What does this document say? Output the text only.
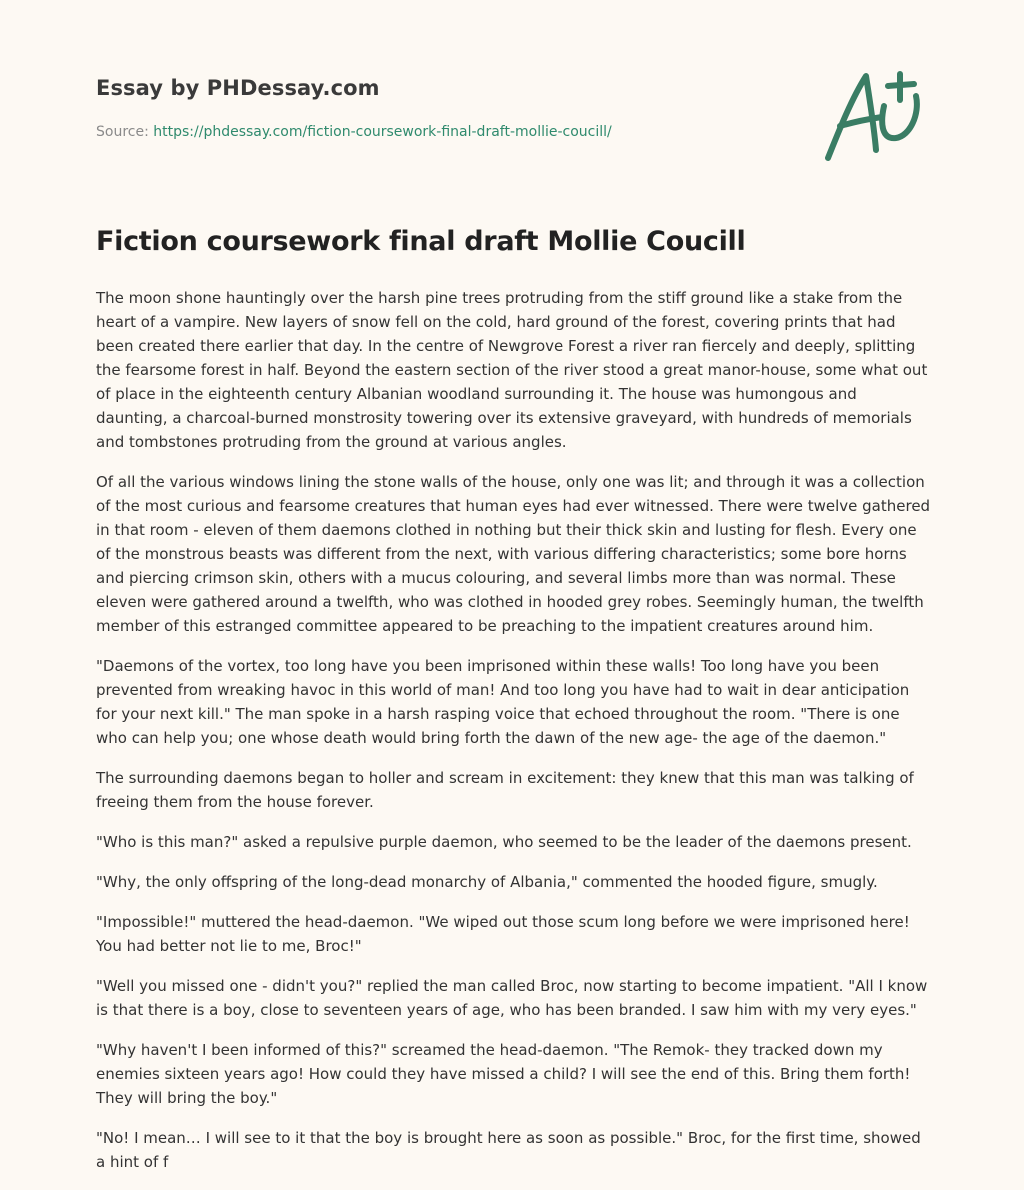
Essay by PHDessay.com
Source: https://phdessay.com/fiction-coursework-final-draft-mollie-coucill/
Fiction coursework final draft Mollie Coucill

The moon shone hauntingly over the harsh pine trees protruding from the stiff ground like a stake from the heart of a vampire. New layers of snow fell on the cold, hard ground of the forest, covering prints that had been created there earlier that day. In the centre of Newgrove Forest a river ran fiercely and deeply, splitting the fearsome forest in half. Beyond the eastern section of the river stood a great manor-house, some what out of place in the eighteenth century Albanian woodland surrounding it. The house was humongous and daunting, a charcoal-burned monstrosity towering over its extensive graveyard, with hundreds of memorials and tombstones protruding from the ground at various angles.

Of all the various windows lining the stone walls of the house, only one was lit; and through it was a collection of the most curious and fearsome creatures that human eyes had ever witnessed. There were twelve gathered in that room - eleven of them daemons clothed in nothing but their thick skin and lusting for flesh. Every one of the monstrous beasts was different from the next, with various differing characteristics; some bore horns and piercing crimson skin, others with a mucus colouring, and several limbs more than was normal. These eleven were gathered around a twelfth, who was clothed in hooded grey robes. Seemingly human, the twelfth member of this estranged committee appeared to be preaching to the impatient creatures around him.

"Daemons of the vortex, too long have you been imprisoned within these walls! Too long have you been prevented from wreaking havoc in this world of man! And too long you have had to wait in dear anticipation for your next kill." The man spoke in a harsh rasping voice that echoed throughout the room. "There is one who can help you; one whose death would bring forth the dawn of the new age- the age of the daemon."

The surrounding daemons began to holler and scream in excitement: they knew that this man was talking of freeing them from the house forever.

"Who is this man?" asked a repulsive purple daemon, who seemed to be the leader of the daemons present.

"Why, the only offspring of the long-dead monarchy of Albania," commented the hooded figure, smugly.

"Impossible!" muttered the head-daemon. "We wiped out those scum long before we were imprisoned here! You had better not lie to me, Broc!"

"Well you missed one - didn't you?" replied the man called Broc, now starting to become impatient. "All I know is that there is a boy, close to seventeen years of age, who has been branded. I saw him with my very eyes."

"Why haven't I been informed of this?" screamed the head-daemon. "The Remok- they tracked down my enemies sixteen years ago! How could they have missed a child? I will see the end of this. Bring them forth! They will bring the boy."

"No! I mean… I will see to it that the boy is brought here as soon as possible." Broc, for the first time, showed a hint of f
